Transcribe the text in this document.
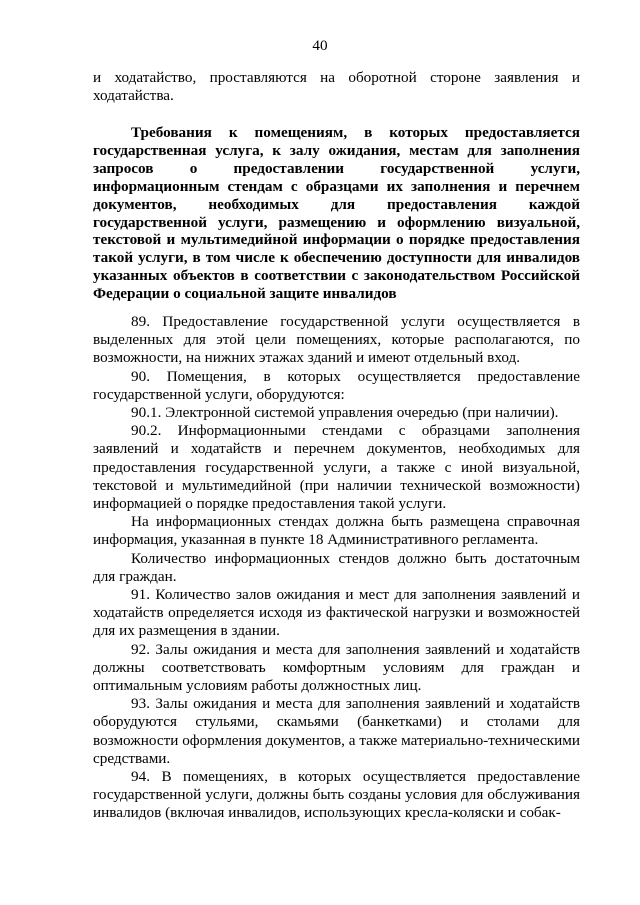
40

и ходатайство, проставляются на оборотной стороне заявления и ходатайства.

Требования к помещениям, в которых предоставляется государственная услуга, к залу ожидания, местам для заполнения запросов о предоставлении государственной услуги, информационным стендам с образцами их заполнения и перечнем документов, необходимых для предоставления каждой государственной услуги, размещению и оформлению визуальной, текстовой и мультимедийной информации о порядке предоставления такой услуги, в том числе к обеспечению доступности для инвалидов указанных объектов в соответствии с законодательством Российской Федерации о социальной защите инвалидов

89. Предоставление государственной услуги осуществляется в выделенных для этой цели помещениях, которые располагаются, по возможности, на нижних этажах зданий и имеют отдельный вход.

90. Помещения, в которых осуществляется предоставление государственной услуги, оборудуются:

90.1. Электронной системой управления очередью (при наличии).

90.2. Информационными стендами с образцами заполнения заявлений и ходатайств и перечнем документов, необходимых для предоставления государственной услуги, а также с иной визуальной, текстовой и мультимедийной (при наличии технической возможности) информацией о порядке предоставления такой услуги.

На информационных стендах должна быть размещена справочная информация, указанная в пункте 18 Административного регламента.

Количество информационных стендов должно быть достаточным для граждан.

91. Количество залов ожидания и мест для заполнения заявлений и ходатайств определяется исходя из фактической нагрузки и возможностей для их размещения в здании.

92. Залы ожидания и места для заполнения заявлений и ходатайств должны соответствовать комфортным условиям для граждан и оптимальным условиям работы должностных лиц.

93. Залы ожидания и места для заполнения заявлений и ходатайств оборудуются стульями, скамьями (банкетками) и столами для возможности оформления документов, а также материально-техническими средствами.

94. В помещениях, в которых осуществляется предоставление государственной услуги, должны быть созданы условия для обслуживания инвалидов (включая инвалидов, использующих кресла-коляски и собак-
